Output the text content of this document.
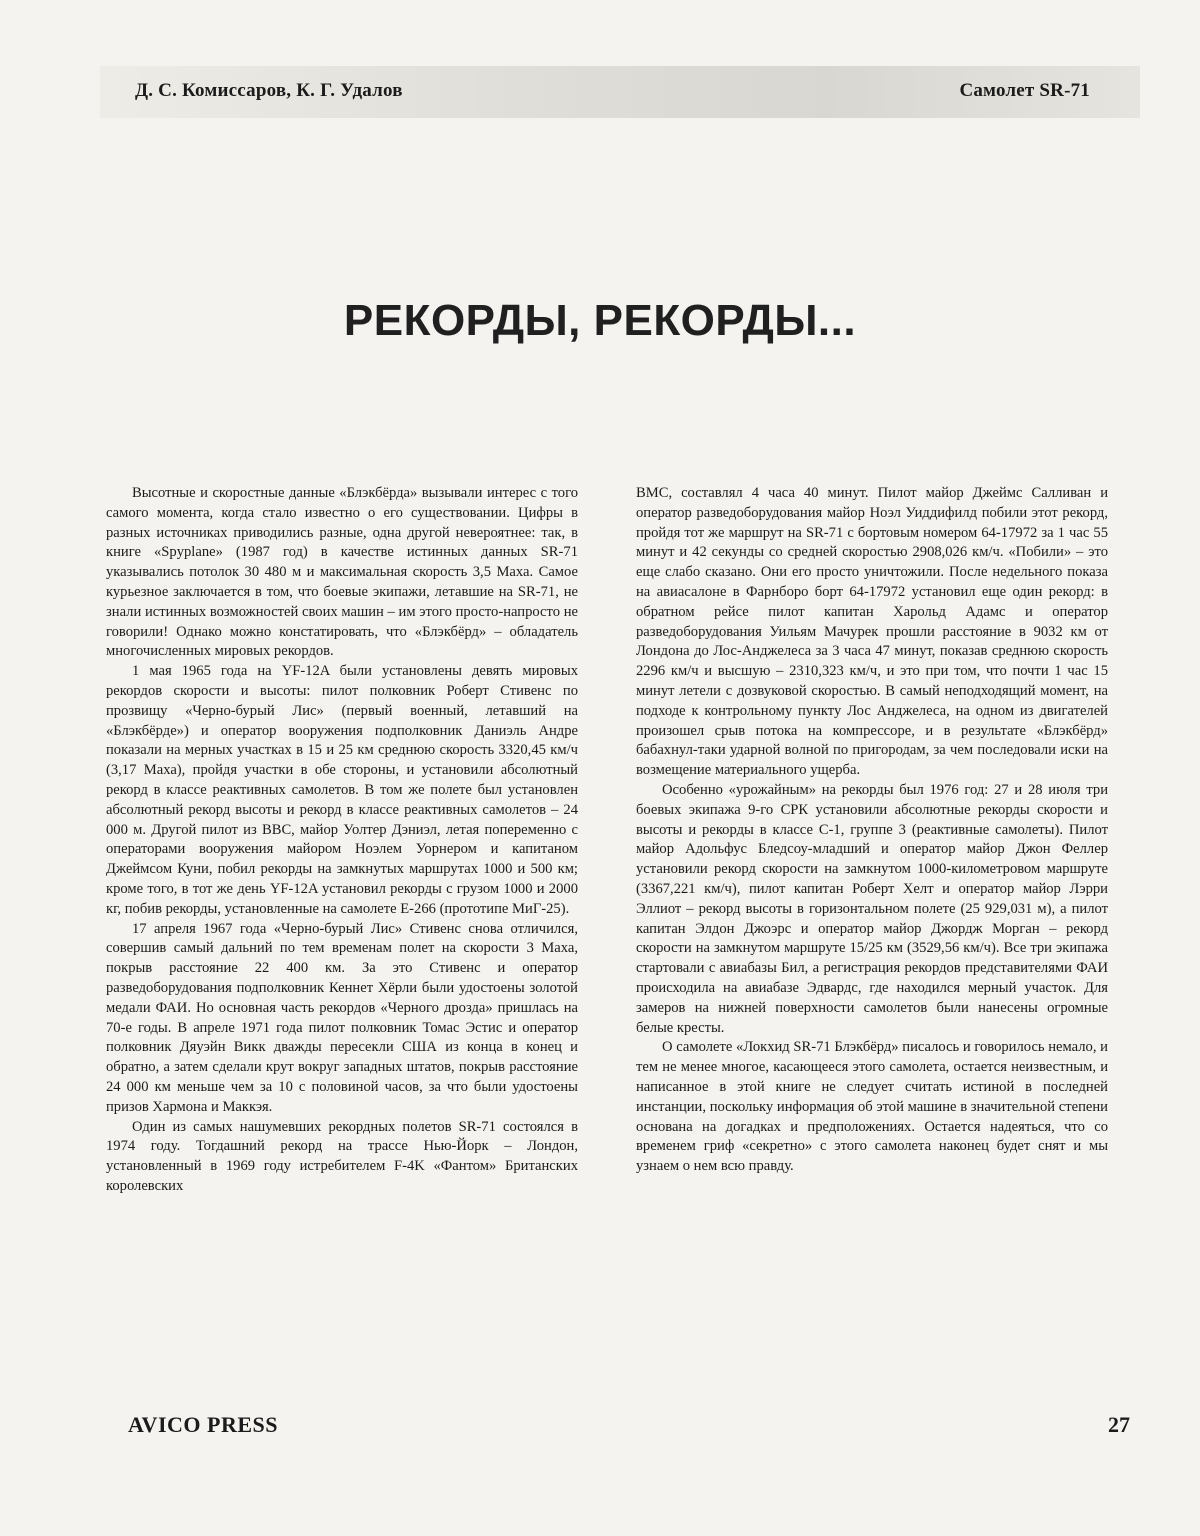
Д. С. Комиссаров, К. Г. Удалов	Самолет SR-71
РЕКОРДЫ, РЕКОРДЫ...

Высотные и скоростные данные «Блэкбёрда» вызывали интерес с того самого момента, когда стало известно о его существовании. Цифры в разных источниках приводились разные, одна другой невероятнее: так, в книге «Spyplane» (1987 год) в качестве истинных данных SR-71 указывались потолок 30 480 м и максимальная скорость 3,5 Маха. Самое курьезное заключается в том, что боевые экипажи, летавшие на SR-71, не знали истинных возможностей своих машин – им этого просто-напросто не говорили! Однако можно констатировать, что «Блэкбёрд» – обладатель многочисленных мировых рекордов.

1 мая 1965 года на YF-12A были установлены девять мировых рекордов скорости и высоты: пилот полковник Роберт Стивенс по прозвищу «Черно-бурый Лис» (первый военный, летавший на «Блэкбёрде») и оператор вооружения подполковник Даниэль Андре показали на мерных участках в 15 и 25 км среднюю скорость 3320,45 км/ч (3,17 Маха), пройдя участки в обе стороны, и установили абсолютный рекорд в классе реактивных самолетов. В том же полете был установлен абсолютный рекорд высоты и рекорд в классе реактивных самолетов – 24 000 м. Другой пилот из ВВС, майор Уолтер Дэниэл, летая попеременно с операторами вооружения майором Ноэлем Уорнером и капитаном Джеймсом Куни, побил рекорды на замкнутых маршрутах 1000 и 500 км; кроме того, в тот же день YF-12A установил рекорды с грузом 1000 и 2000 кг, побив рекорды, установленные на самолете Е-266 (прототипе МиГ-25).

17 апреля 1967 года «Черно-бурый Лис» Стивенс снова отличился, совершив самый дальний по тем временам полет на скорости 3 Маха, покрыв расстояние 22 400 км. За это Стивенс и оператор разведоборудования подполковник Кеннет Хёрли были удостоены золотой медали ФАИ. Но основная часть рекордов «Черного дрозда» пришлась на 70-е годы. В апреле 1971 года пилот полковник Томас Эстис и оператор полковник Дяуэйн Викк дважды пересекли США из конца в конец и обратно, а затем сделали крут вокруг западных штатов, покрыв расстояние 24 000 км меньше чем за 10 с половиной часов, за что были удостоены призов Хармона и Маккэя.

Один из самых нашумевших рекордных полетов SR-71 состоялся в 1974 году. Тогдашний рекорд на трассе Нью-Йорк – Лондон, установленный в 1969 году истребителем F-4K «Фантом» Британских королевских

ВМС, составлял 4 часа 40 минут. Пилот майор Джеймс Салливан и оператор разведоборудования майор Ноэл Уиддифилд побили этот рекорд, пройдя тот же маршрут на SR-71 с бортовым номером 64-17972 за 1 час 55 минут и 42 секунды со средней скоростью 2908,026 км/ч. «Побили» – это еще слабо сказано. Они его просто уничтожили. После недельного показа на авиасалоне в Фарнборо борт 64-17972 установил еще один рекорд: в обратном рейсе пилот капитан Харольд Адамс и оператор разведоборудования Уильям Мачурек прошли расстояние в 9032 км от Лондона до Лос-Анджелеса за 3 часа 47 минут, показав среднюю скорость 2296 км/ч и высшую – 2310,323 км/ч, и это при том, что почти 1 час 15 минут летели с дозвуковой скоростью. В самый неподходящий момент, на подходе к контрольному пункту Лос Анджелеса, на одном из двигателей произошел срыв потока на компрессоре, и в результате «Блэкбёрд» бабахнул-таки ударной волной по пригородам, за чем последовали иски на возмещение материального ущерба.

Особенно «урожайным» на рекорды был 1976 год: 27 и 28 июля три боевых экипажа 9-го СРК установили абсолютные рекорды скорости и высоты и рекорды в классе С-1, группе 3 (реактивные самолеты). Пилот майор Адольфус Бледсоу-младший и оператор майор Джон Феллер установили рекорд скорости на замкнутом 1000-километровом маршруте (3367,221 км/ч), пилот капитан Роберт Хелт и оператор майор Лэрри Эллиот – рекорд высоты в горизонтальном полете (25 929,031 м), а пилот капитан Элдон Джоэрс и оператор майор Джордж Морган – рекорд скорости на замкнутом маршруте 15/25 км (3529,56 км/ч). Все три экипажа стартовали с авиабазы Бил, а регистрация рекордов представителями ФАИ происходила на авиабазе Эдвардс, где находился мерный участок. Для замеров на нижней поверхности самолетов были нанесены огромные белые кресты.

О самолете «Локхид SR-71 Блэкбёрд» писалось и говорилось немало, и тем не менее многое, касающееся этого самолета, остается неизвестным, и написанное в этой книге не следует считать истиной в последней инстанции, поскольку информация об этой машине в значительной степени основана на догадках и предположениях. Остается надеяться, что со временем гриф «секретно» с этого самолета наконец будет снят и мы узнаем о нем всю правду.

AVICO PRESS	27
